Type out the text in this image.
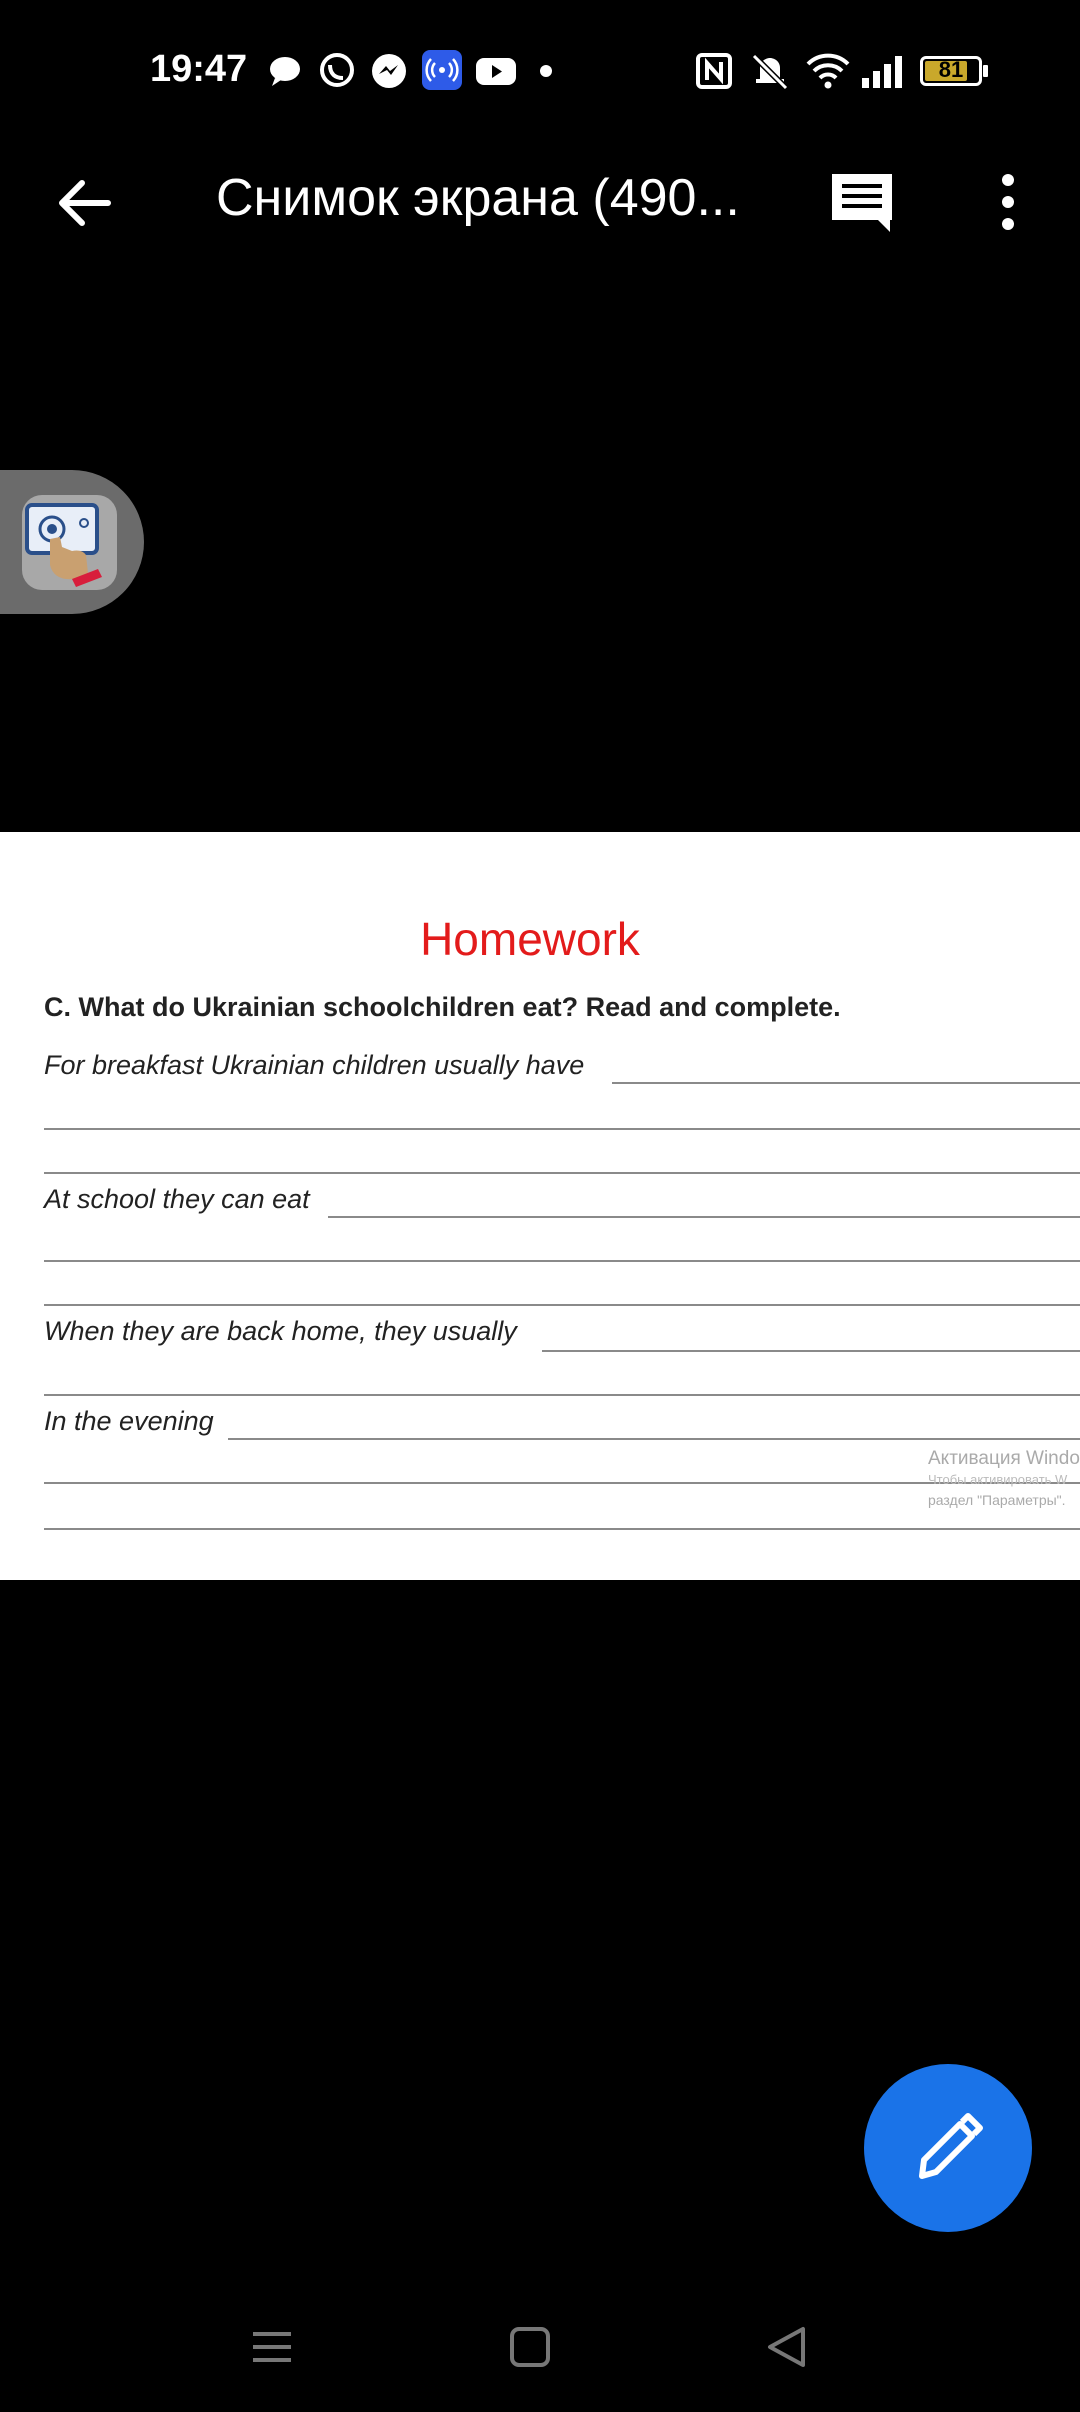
19:47	81
Снимок экрана (490...
Homework
C. What do Ukrainian schoolchildren eat? Read and complete.
For breakfast Ukrainian children usually have
At school they can eat
When they are back home, they usually
In the evening
Активация Windo
Чтобы активировать W
раздел "Параметры".
